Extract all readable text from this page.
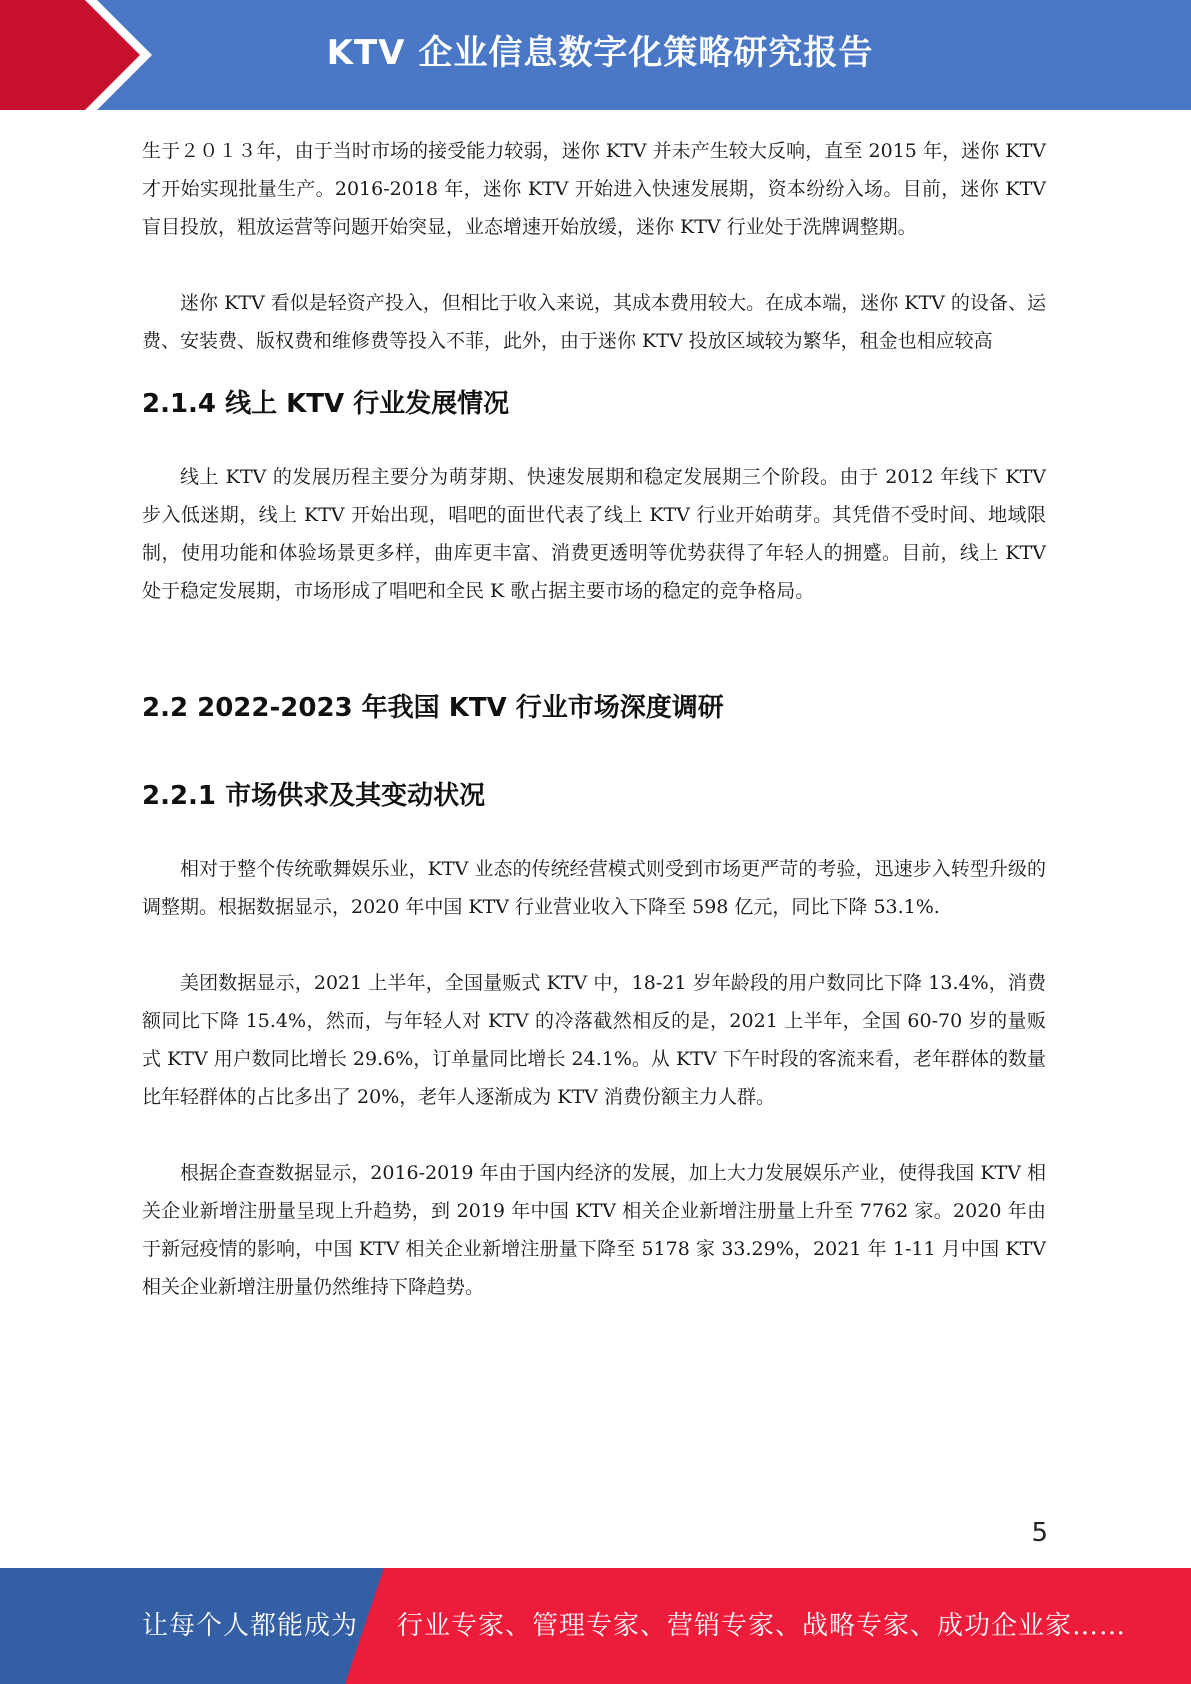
KTV 企业信息数字化策略研究报告

生于２０１３年，由于当时市场的接受能力较弱，迷你 KTV 并未产生较大反响，直至 2015 年，迷你 KTV 才开始实现批量生产。2016-2018 年，迷你 KTV 开始进入快速发展期，资本纷纷入场。目前，迷你 KTV 盲目投放，粗放运营等问题开始突显，业态增速开始放缓，迷你 KTV 行业处于洗牌调整期。

迷你 KTV 看似是轻资产投入，但相比于收入来说，其成本费用较大。在成本端，迷你 KTV 的设备、运费、安装费、版权费和维修费等投入不菲，此外，由于迷你 KTV 投放区域较为繁华，租金也相应较高

2.1.4 线上 KTV 行业发展情况

线上 KTV 的发展历程主要分为萌芽期、快速发展期和稳定发展期三个阶段。由于 2012 年线下 KTV 步入低迷期，线上 KTV 开始出现，唱吧的面世代表了线上 KTV 行业开始萌芽。其凭借不受时间、地域限制，使用功能和体验场景更多样，曲库更丰富、消费更透明等优势获得了年轻人的拥蹙。目前，线上 KTV 处于稳定发展期，市场形成了唱吧和全民 K 歌占据主要市场的稳定的竞争格局。

2.2 2022-2023 年我国 KTV 行业市场深度调研
2.2.1 市场供求及其变动状况

相对于整个传统歌舞娱乐业，KTV 业态的传统经营模式则受到市场更严苛的考验，迅速步入转型升级的调整期。根据数据显示，2020 年中国 KTV 行业营业收入下降至 598 亿元，同比下降 53.1%.

美团数据显示，2021 上半年，全国量贩式 KTV 中，18-21 岁年龄段的用户数同比下降 13.4%，消费额同比下降 15.4%，然而，与年轻人对 KTV 的冷落截然相反的是，2021 上半年，全国 60-70 岁的量贩式 KTV 用户数同比增长 29.6%，订单量同比增长 24.1%。从 KTV 下午时段的客流来看，老年群体的数量比年轻群体的占比多出了 20%，老年人逐渐成为 KTV 消费份额主力人群。

根据企查查数据显示，2016-2019 年由于国内经济的发展，加上大力发展娱乐产业，使得我国 KTV 相关企业新增注册量呈现上升趋势，到 2019 年中国 KTV 相关企业新增注册量上升至 7762 家。2020 年由于新冠疫情的影响，中国 KTV 相关企业新增注册量下降至 5178 家 33.29%，2021 年 1-11 月中国 KTV 相关企业新增注册量仍然维持下降趋势。

5
让每个人都能成为 行业专家、管理专家、营销专家、战略专家、成功企业家……
